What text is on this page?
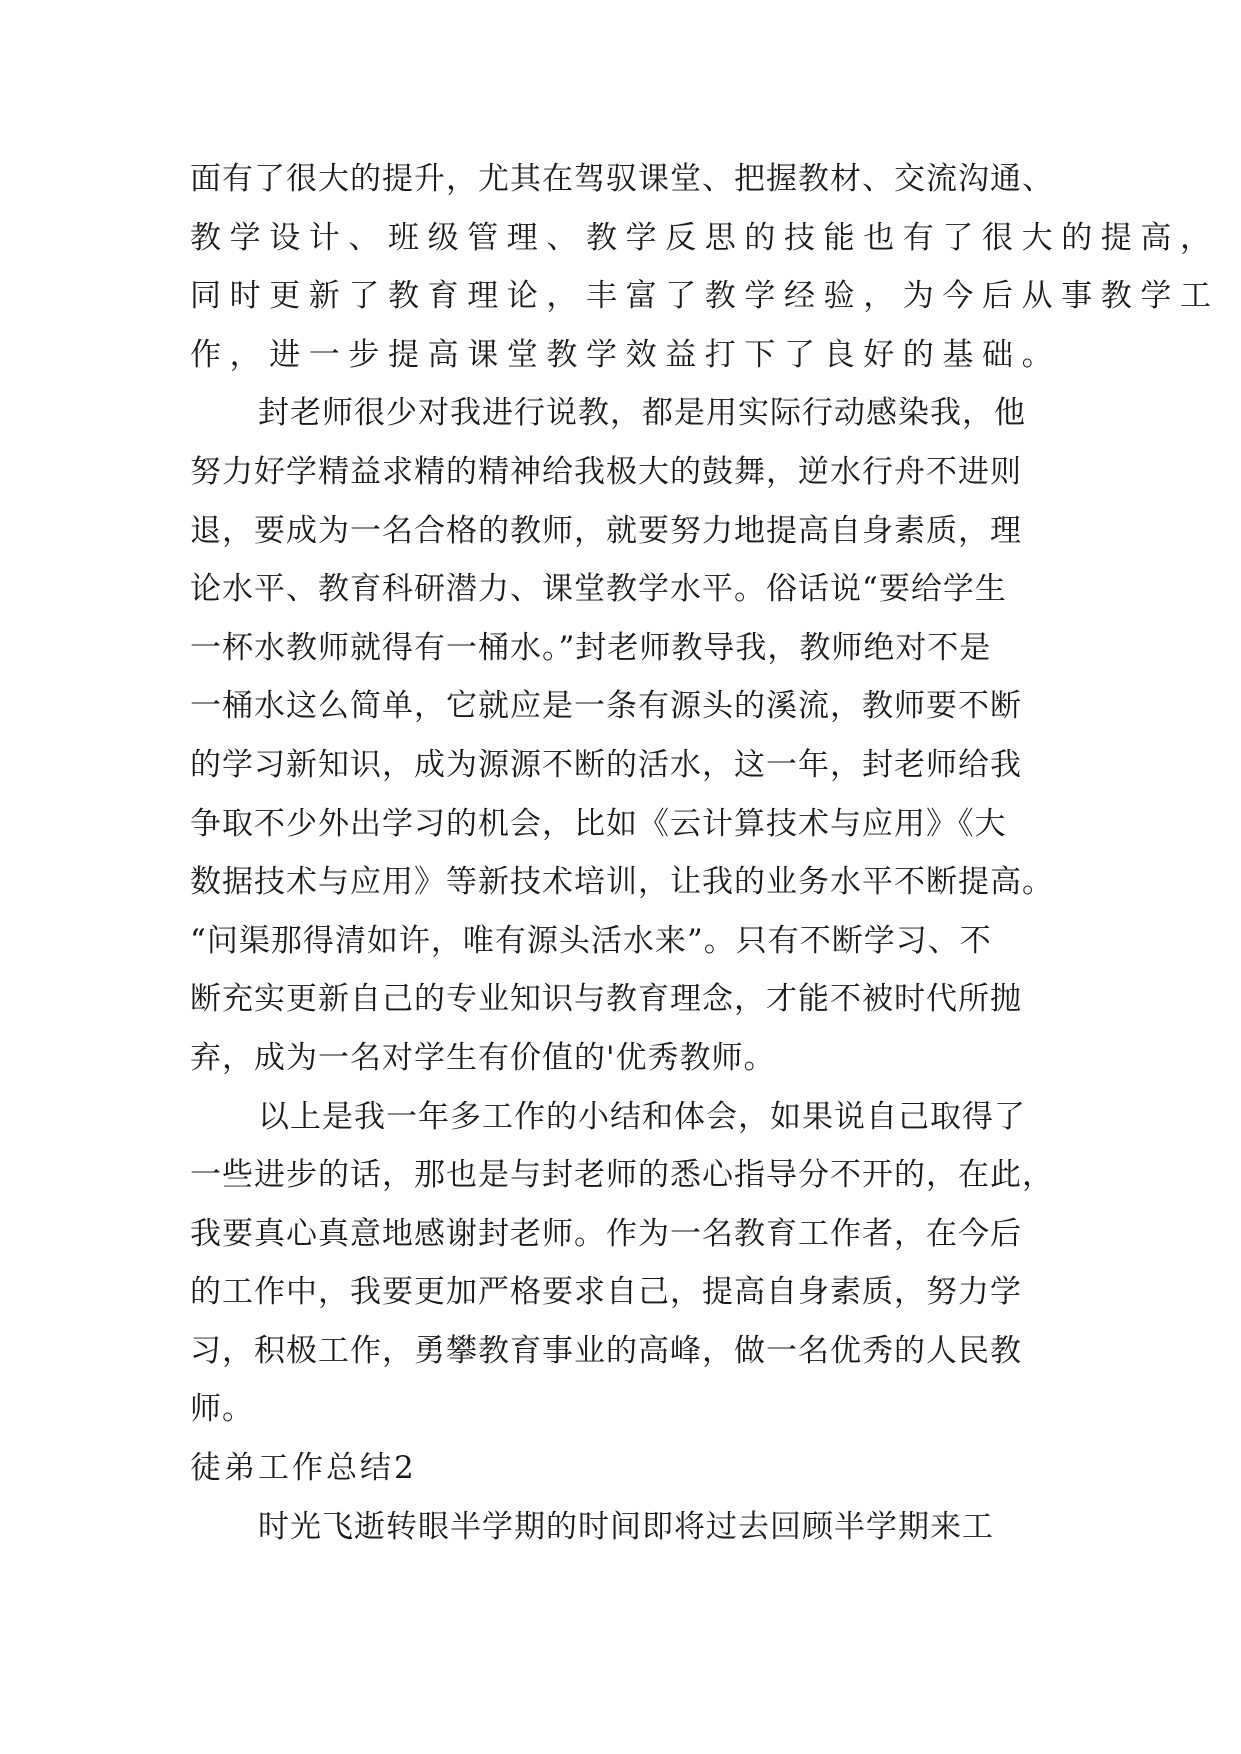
面有了很大的提升，尤其在驾驭课堂、把握教材、交流沟通、
教学设计、班级管理、教学反思的技能也有了很大的提高，
同时更新了教育理论，丰富了教学经验，为今后从事教学工
作，进一步提高课堂教学效益打下了良好的基础。
封老师很少对我进行说教，都是用实际行动感染我，他
努力好学精益求精的精神给我极大的鼓舞，逆水行舟不进则
退，要成为一名合格的教师，就要努力地提高自身素质，理
论水平、教育科研潜力、课堂教学水平。俗话说“要给学生
一杯水教师就得有一桶水。”封老师教导我，教师绝对不是
一桶水这么简单，它就应是一条有源头的溪流，教师要不断
的学习新知识，成为源源不断的活水，这一年，封老师给我
争取不少外出学习的机会，比如《云计算技术与应用》《大
数据技术与应用》等新技术培训，让我的业务水平不断提高。
“问渠那得清如许，唯有源头活水来”。只有不断学习、不
断充实更新自己的专业知识与教育理念，才能不被时代所抛
弃，成为一名对学生有价值的'优秀教师。
以上是我一年多工作的小结和体会，如果说自己取得了
一些进步的话，那也是与封老师的悉心指导分不开的，在此，
我要真心真意地感谢封老师。作为一名教育工作者，在今后
的工作中，我要更加严格要求自己，提高自身素质，努力学
习，积极工作，勇攀教育事业的高峰，做一名优秀的人民教
师。
徒弟工作总结2
时光飞逝转眼半学期的时间即将过去回顾半学期来工
